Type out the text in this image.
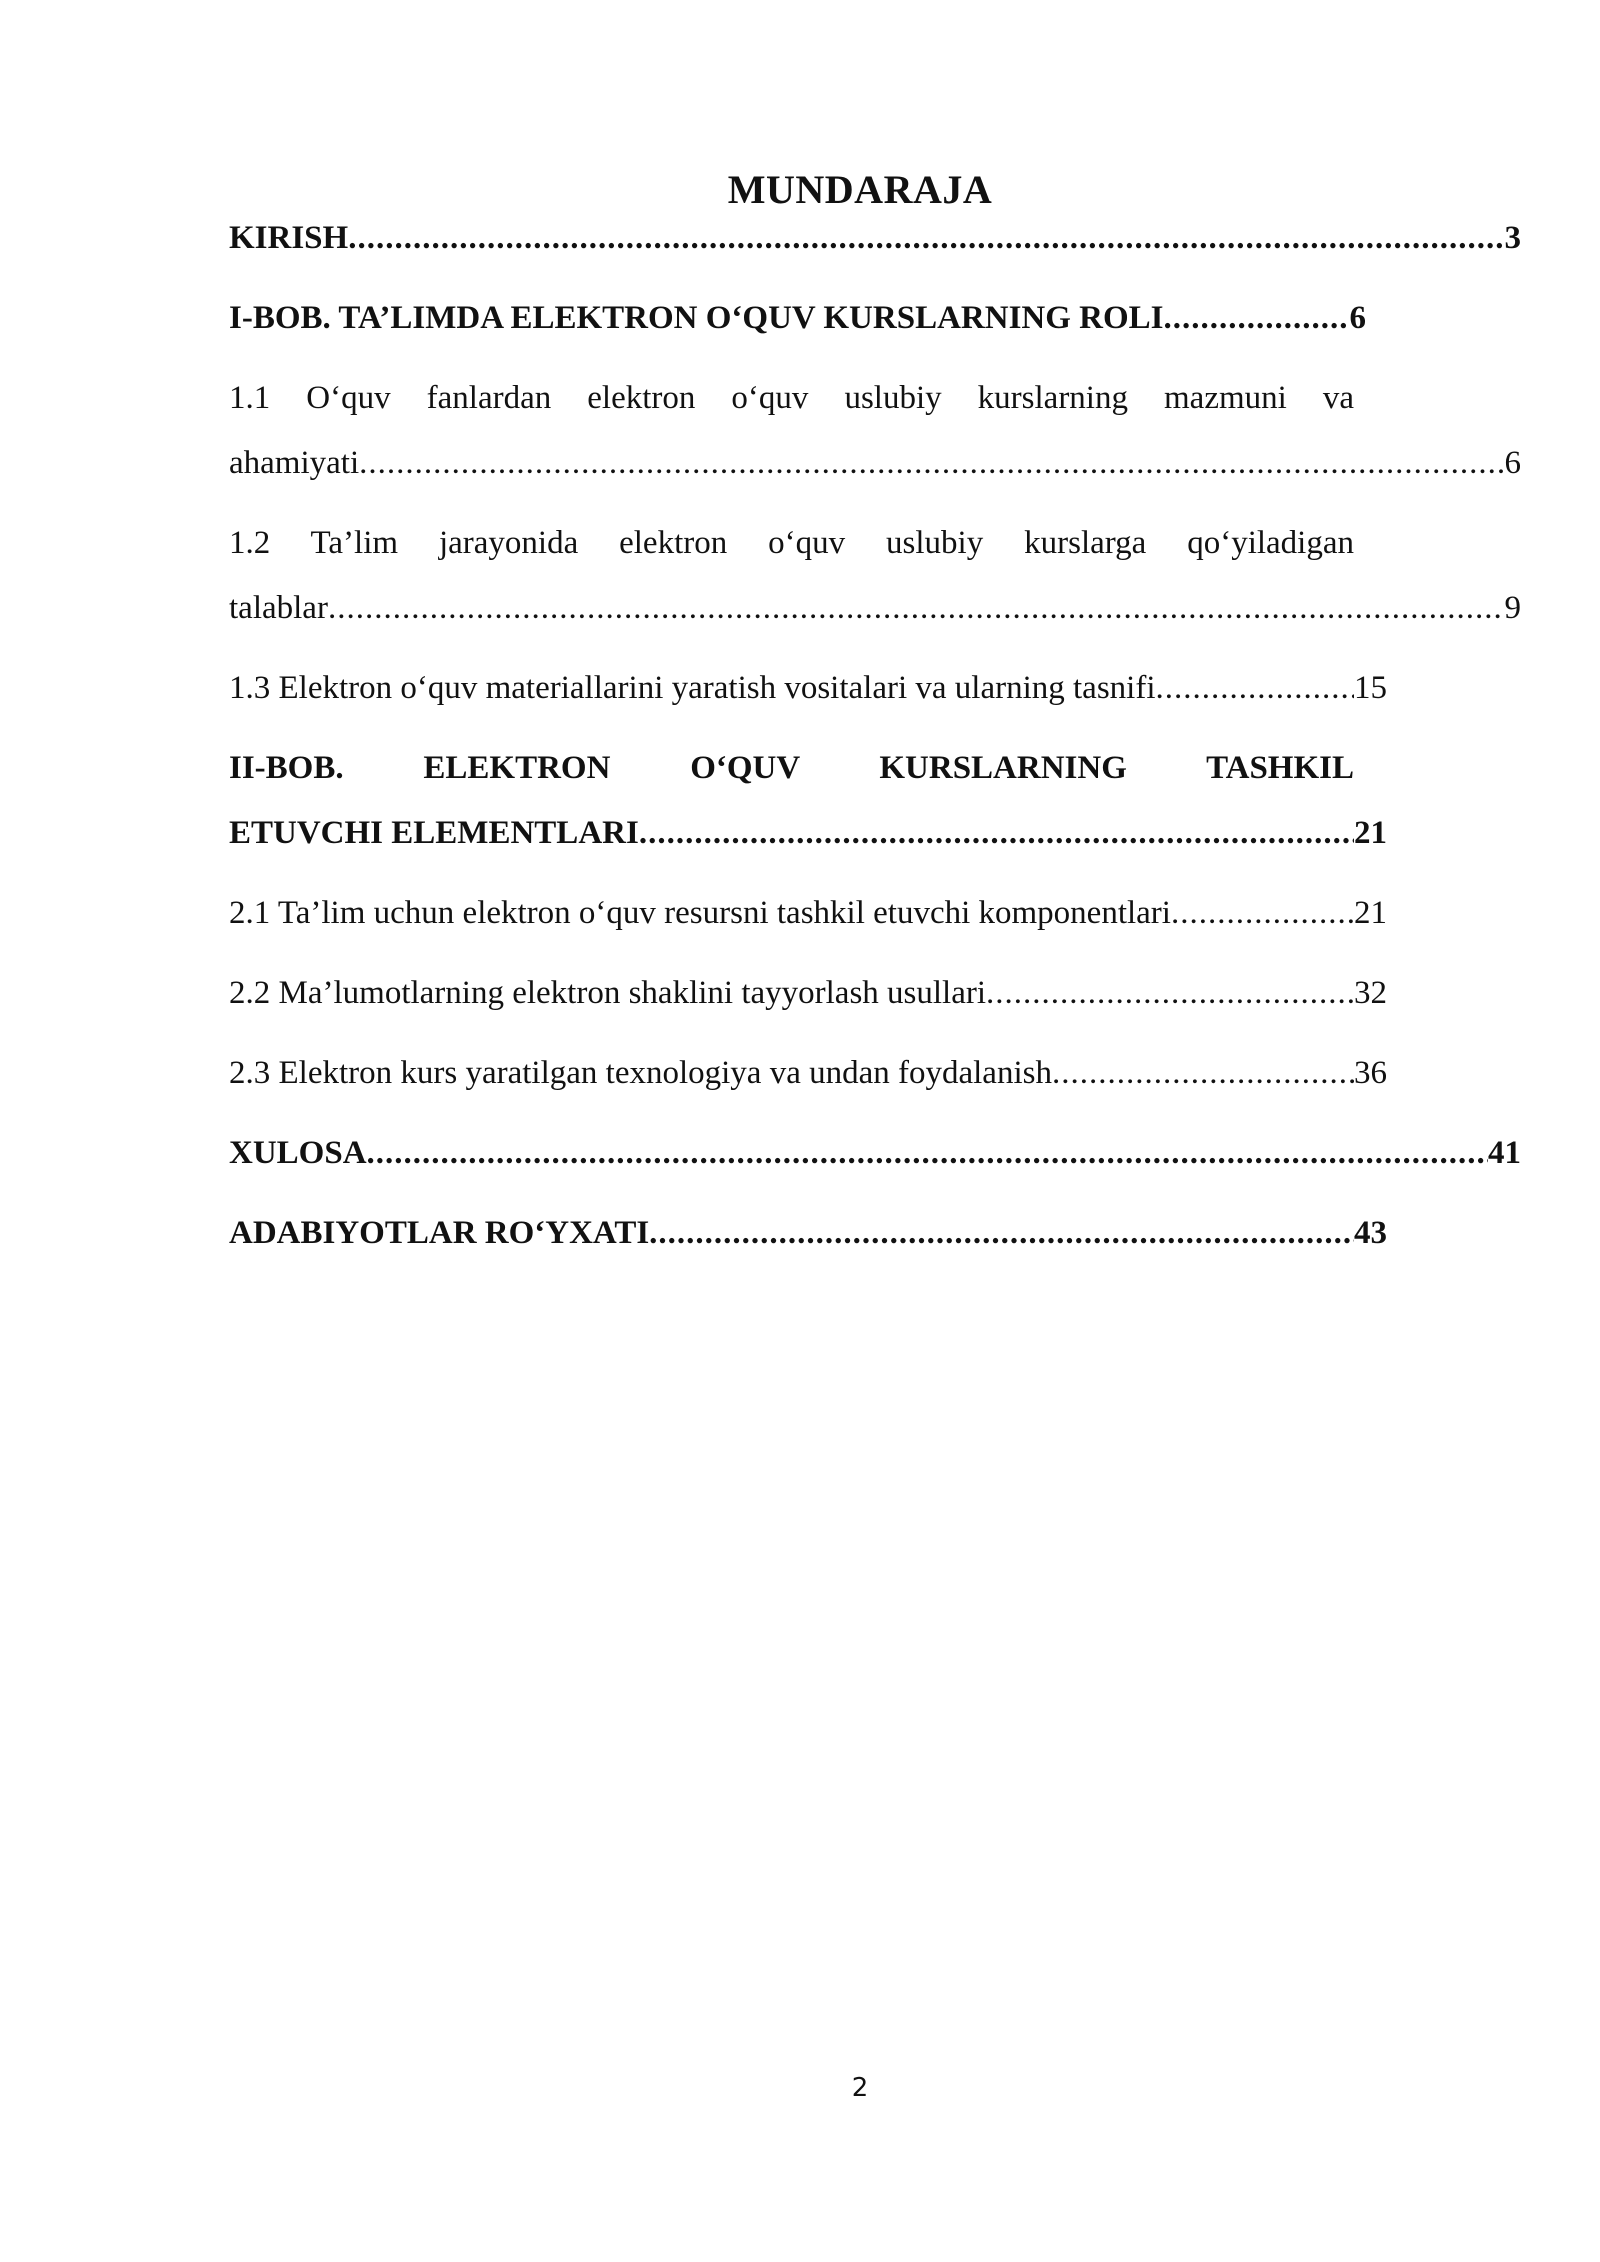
MUNDARAJA
KIRISH .....	3
I-BOB. TA’LIMDA ELEKTRON O‘QUV KURSLARNING ROLI .....	6
1.1 O‘quv fanlardan elektron o‘quv uslubiy kurslarning mazmuni va
ahamiyati .....	6
1.2 Ta’lim jarayonida elektron o‘quv uslubiy kurslarga qo‘yiladigan
talablar .....	9
1.3 Elektron o‘quv materiallarini yaratish vositalari va ularning tasnifi .....	15
II-BOB. ELEKTRON O‘QUV KURSLARNING TASHKIL
ETUVCHI ELEMENTLARI .....	21
2.1 Ta’lim uchun elektron o‘quv resursni tashkil etuvchi komponentlari .....	21
2.2 Ma’lumotlarning elektron shaklini tayyorlash usullari .....	32
2.3 Elektron kurs yaratilgan texnologiya va undan foydalanish .....	36
XULOSA .....	41
ADABIYOTLAR RO‘YXATI .....	43
2
